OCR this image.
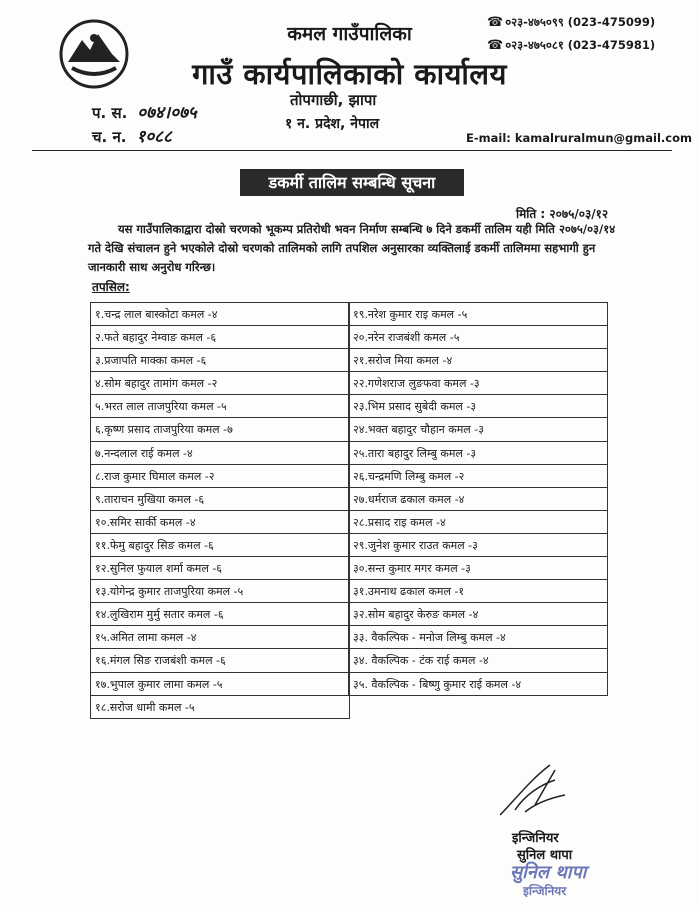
कमल गाउँपालिका
गाउँ कार्यपालिकाको कार्यालय
तोपगाछी, झापा
१ न. प्रदेश, नेपाल
☎ ०२३-४७५०९९ (023-475099)
☎ ०२३-४७५०८१ (023-475981)
प. स. ०७४।०७५
च. न. १०८८	E-mail: kamalruralmun@gmail.com
डकर्मी तालिम सम्बन्धि सूचना
मिति : २०७५/०३/१२
यस गाउँपालिकाद्वारा दोस्रो चरणको भूकम्प प्रतिरोधी भवन निर्माण सम्बन्धि ७ दिने डकर्मी तालिम यही मिति २०७५/०३/१४ गते देखि संचालन हुने भएकोले दोस्रो चरणको तालिमको लागि तपशिल अनुसारका व्यक्तिलाई डकर्मी तालिममा सहभागी हुन जानकारी साथ अनुरोध गरिन्छ।
तपसिल:
१.चन्द्र लाल बास्कोटा कमल -४
२.फते बहादुर नेम्वाङ कमल -६
३.प्रजापति माक्का कमल -६
४.सोम बहादुर तामांग कमल -२
५.भरत लाल ताजपुरिया कमल -५
६.कृष्ण प्रसाद ताजपुरिया कमल -७
७.नन्दलाल राई कमल -४
८.राज कुमार घिमाल कमल -२
९.ताराचन मुखिया कमल -६
१०.समिर सार्की कमल -४
११.फेमु बहादुर सिङ कमल -६
१२.सुनिल फुयाल शर्मा कमल -६
१३.योगेन्द्र कुमार ताजपुरिया कमल -५
१४.लुखिराम मुर्मु सतार कमल -६
१५.अमित लामा कमल -४
१६.मंगल सिङ राजबंशी कमल -६
१७.भुपाल कुमार लामा कमल -५
१८.सरोज धामी कमल -५
१९.नरेश कुमार राइ कमल -५
२०.नरेन राजबंशी कमल -५
२१.सरोज मिया कमल -४
२२.गणेशराज लुङफवा कमल -३
२३.भिम प्रसाद सुबेदी कमल -३
२४.भक्त बहादुर चौहान कमल -३
२५.तारा बहादुर लिम्बु कमल -३
२६.चन्द्रमणि लिम्बु कमल -२
२७.धर्मराज ढकाल कमल -४
२८.प्रसाद राइ कमल -४
२९.जुनेश कुमार राउत कमल -३
३०.सन्त कुमार मगर कमल -३
३१.उमनाथ ढकाल कमल -१
३२.सोम बहादुर केरुङ कमल -४
३३. वैकल्पिक - मनोज लिम्बु कमल -४
३४. वैकल्पिक - टंक राई कमल -४
३५. वैकल्पिक - बिष्णु कुमार राई कमल -४
इन्जिनियर
सुनिल थापा
सुनिल थापा
इन्जिनियर
